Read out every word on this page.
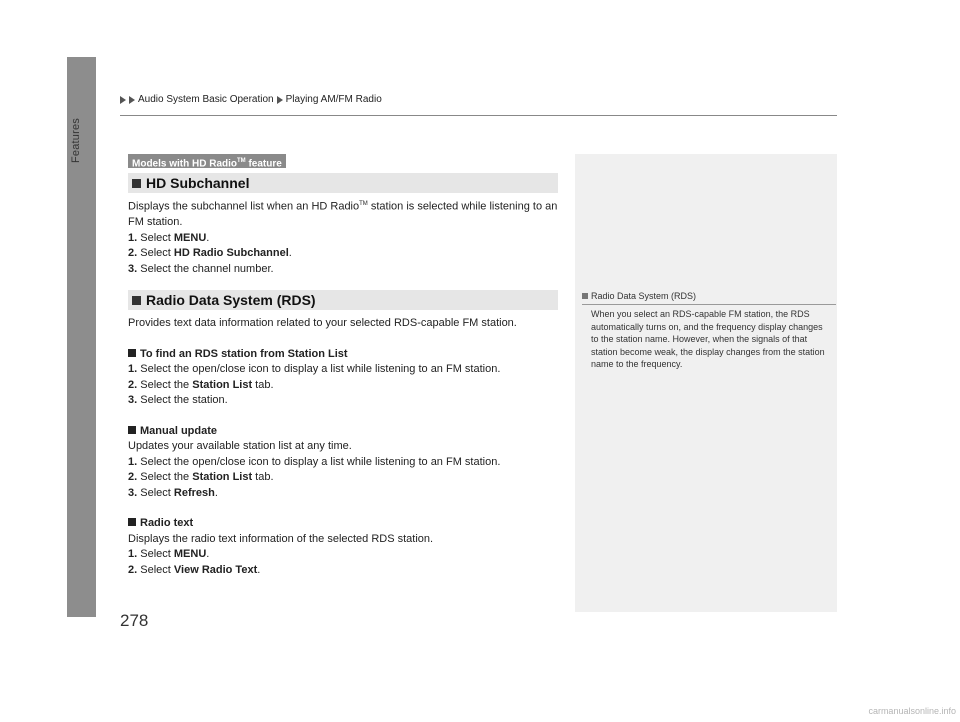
Features
Audio System Basic Operation Playing AM/FM Radio
Models with HD Radio™ feature
HD Subchannel
Displays the subchannel list when an HD Radio™ station is selected while listening to an FM station.
1. Select MENU.
2. Select HD Radio Subchannel.
3. Select the channel number.
Radio Data System (RDS)
Provides text data information related to your selected RDS-capable FM station.
To find an RDS station from Station List
1. Select the open/close icon to display a list while listening to an FM station.
2. Select the Station List tab.
3. Select the station.
Manual update
Updates your available station list at any time.
1. Select the open/close icon to display a list while listening to an FM station.
2. Select the Station List tab.
3. Select Refresh.
Radio text
Displays the radio text information of the selected RDS station.
1. Select MENU.
2. Select View Radio Text.
Radio Data System (RDS)
When you select an RDS-capable FM station, the RDS automatically turns on, and the frequency display changes to the station name. However, when the signals of that station become weak, the display changes from the station name to the frequency.
278
carmanualsonline.info
